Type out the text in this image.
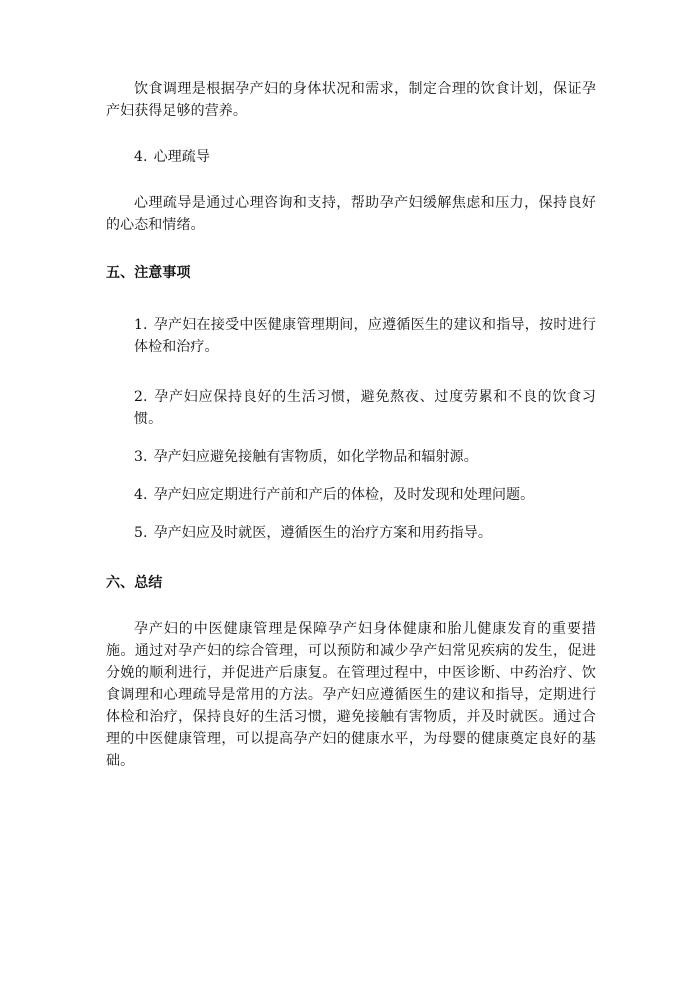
饮食调理是根据孕产妇的身体状况和需求，制定合理的饮食计划，保证孕产妇获得足够的营养。

4. 心理疏导

心理疏导是通过心理咨询和支持，帮助孕产妇缓解焦虑和压力，保持良好的心态和情绪。

五、注意事项

1. 孕产妇在接受中医健康管理期间，应遵循医生的建议和指导，按时进行体检和治疗。

2. 孕产妇应保持良好的生活习惯，避免熬夜、过度劳累和不良的饮食习惯。

3. 孕产妇应避免接触有害物质，如化学物品和辐射源。

4. 孕产妇应定期进行产前和产后的体检，及时发现和处理问题。

5. 孕产妇应及时就医，遵循医生的治疗方案和用药指导。

六、总结

孕产妇的中医健康管理是保障孕产妇身体健康和胎儿健康发育的重要措施。通过对孕产妇的综合管理，可以预防和减少孕产妇常见疾病的发生，促进分娩的顺利进行，并促进产后康复。在管理过程中，中医诊断、中药治疗、饮食调理和心理疏导是常用的方法。孕产妇应遵循医生的建议和指导，定期进行体检和治疗，保持良好的生活习惯，避免接触有害物质，并及时就医。通过合理的中医健康管理，可以提高孕产妇的健康水平，为母婴的健康奠定良好的基础。
